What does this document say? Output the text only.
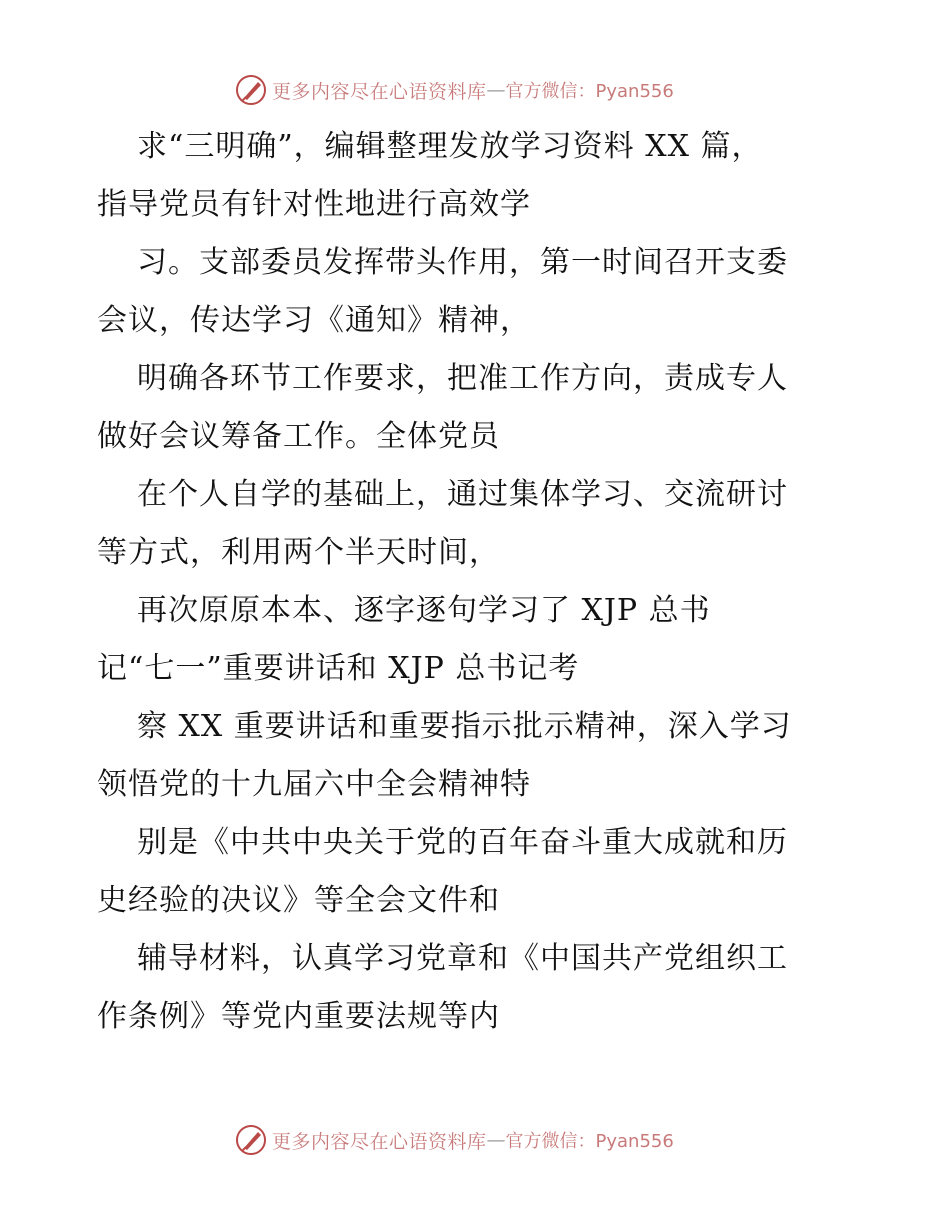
更多内容尽在心语资料库 — 官方微信：Pyan556
求“三明确”，编辑整理发放学习资料 XX 篇，
指导党员有针对性地进行高效学
习。支部委员发挥带头作用，第一时间召开支委
会议，传达学习《通知》精神，
明确各环节工作要求，把准工作方向，责成专人
做好会议筹备工作。全体党员
在个人自学的基础上，通过集体学习、交流研讨
等方式，利用两个半天时间，
再次原原本本、逐字逐句学习了 XJP 总书
记“七一”重要讲话和 XJP 总书记考
察 XX 重要讲话和重要指示批示精神，深入学习
领悟党的十九届六中全会精神特
别是《中共中央关于党的百年奋斗重大成就和历
史经验的决议》等全会文件和
辅导材料，认真学习党章和《中国共产党组织工
作条例》等党内重要法规等内
更多内容尽在心语资料库 — 官方微信：Pyan556
